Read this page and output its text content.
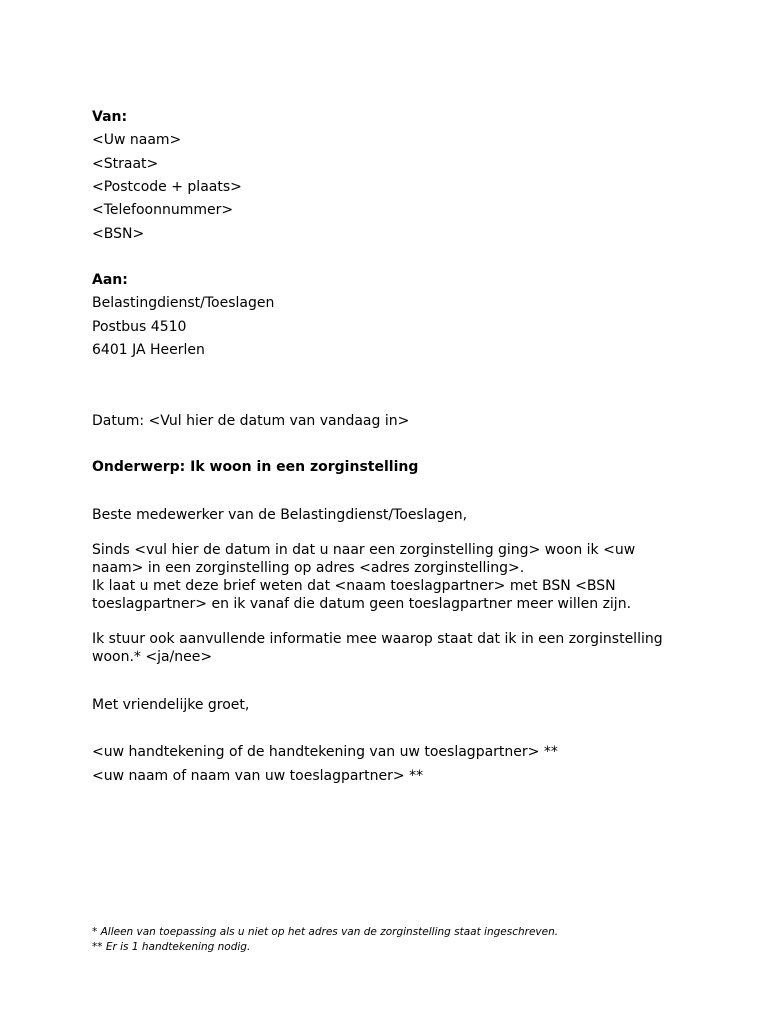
Van:
<Uw naam>
<Straat>
<Postcode + plaats>
<Telefoonnummer>
<BSN>
Aan:
Belastingdienst/Toeslagen
Postbus 4510
6401 JA Heerlen
Datum: <Vul hier de datum van vandaag in>
Onderwerp: Ik woon in een zorginstelling
Beste medewerker van de Belastingdienst/Toeslagen,
Sinds <vul hier de datum in dat u naar een zorginstelling ging> woon ik <uw
naam> in een zorginstelling op adres <adres zorginstelling>.
Ik laat u met deze brief weten dat <naam toeslagpartner> met BSN <BSN
toeslagpartner> en ik vanaf die datum geen toeslagpartner meer willen zijn.
Ik stuur ook aanvullende informatie mee waarop staat dat ik in een zorginstelling
woon.* <ja/nee>
Met vriendelijke groet,
<uw handtekening of de handtekening van uw toeslagpartner> **
<uw naam of naam van uw toeslagpartner> **
* Alleen van toepassing als u niet op het adres van de zorginstelling staat ingeschreven.
** Er is 1 handtekening nodig.
